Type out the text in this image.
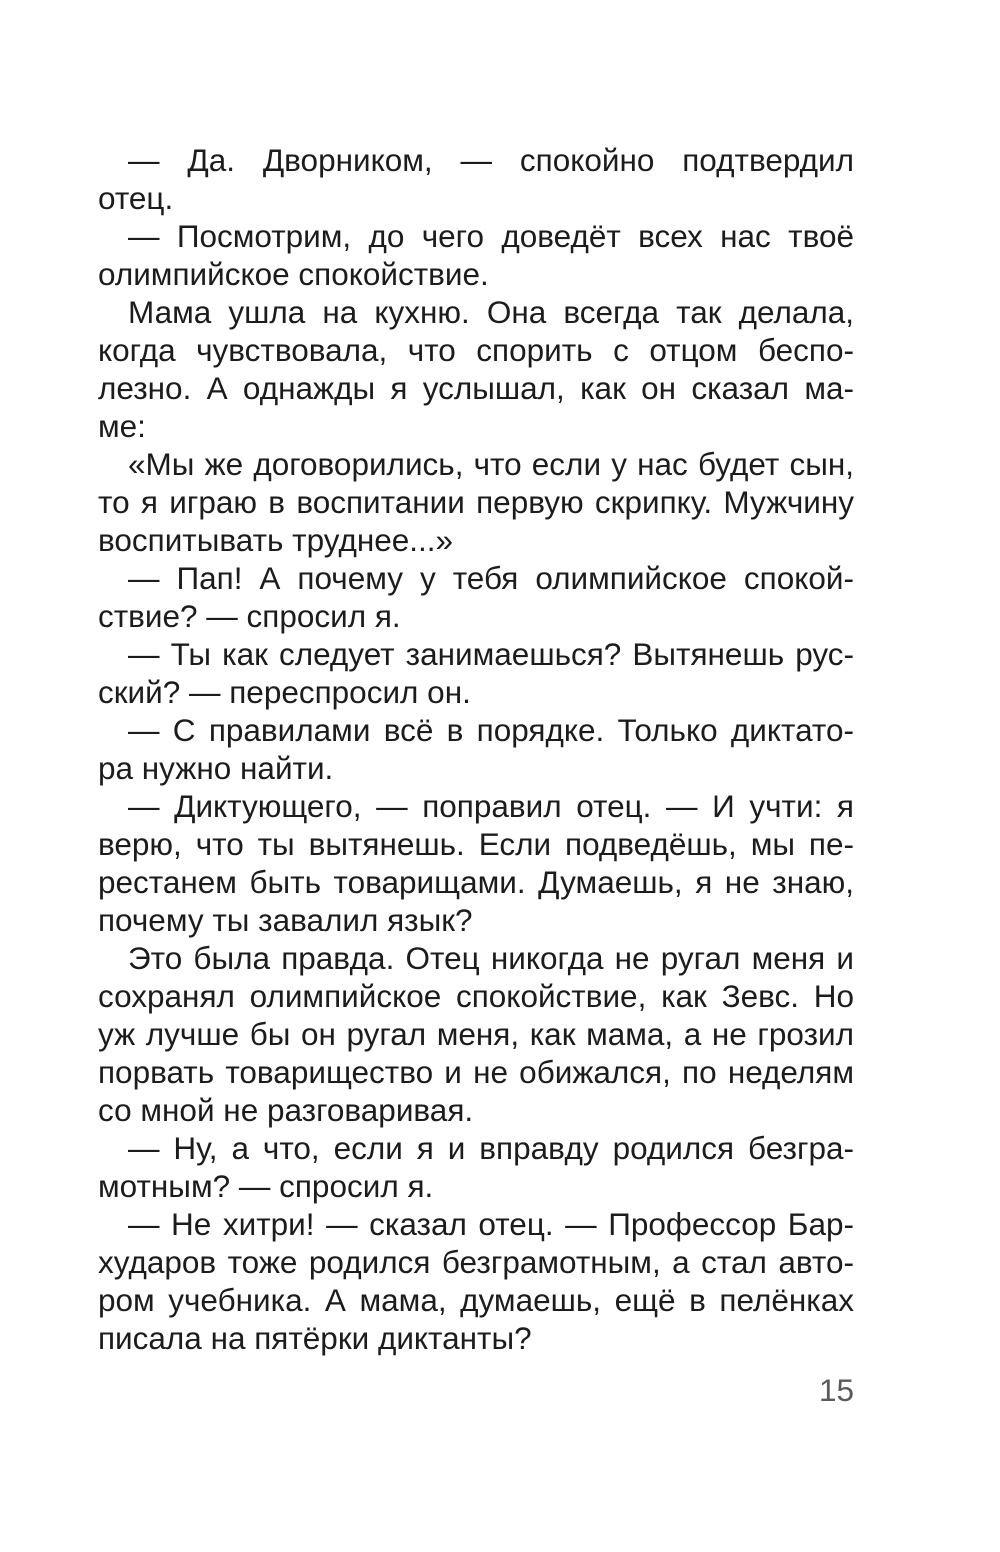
— Да. Дворником, — спокойно подтвердил
отец.
— Посмотрим, до чего доведёт всех нас твоё
олимпийское спокойствие.
Мама ушла на кухню. Она всегда так делала,
когда чувствовала, что спорить с отцом беспо-
лезно. А однажды я услышал, как он сказал ма-
ме:
«Мы же договорились, что если у нас будет сын,
то я играю в воспитании первую скрипку. Мужчину
воспитывать труднее...»
— Пап! А почему у тебя олимпийское спокой-
ствие? — спросил я.
— Ты как следует занимаешься? Вытянешь рус-
ский? — переспросил он.
— С правилами всё в порядке. Только диктато-
ра нужно найти.
— Диктующего, — поправил отец. — И учти: я
верю, что ты вытянешь. Если подведёшь, мы пе-
рестанем быть товарищами. Думаешь, я не знаю,
почему ты завалил язык?
Это была правда. Отец никогда не ругал меня и
сохранял олимпийское спокойствие, как Зевс. Но
уж лучше бы он ругал меня, как мама, а не грозил
порвать товарищество и не обижался, по неделям
со мной не разговаривая.
— Ну, а что, если я и вправду родился безгра-
мотным? — спросил я.
— Не хитри! — сказал отец. — Профессор Бар-
хударов тоже родился безграмотным, а стал авто-
ром учебника. А мама, думаешь, ещё в пелёнках
писала на пятёрки диктанты?
15
